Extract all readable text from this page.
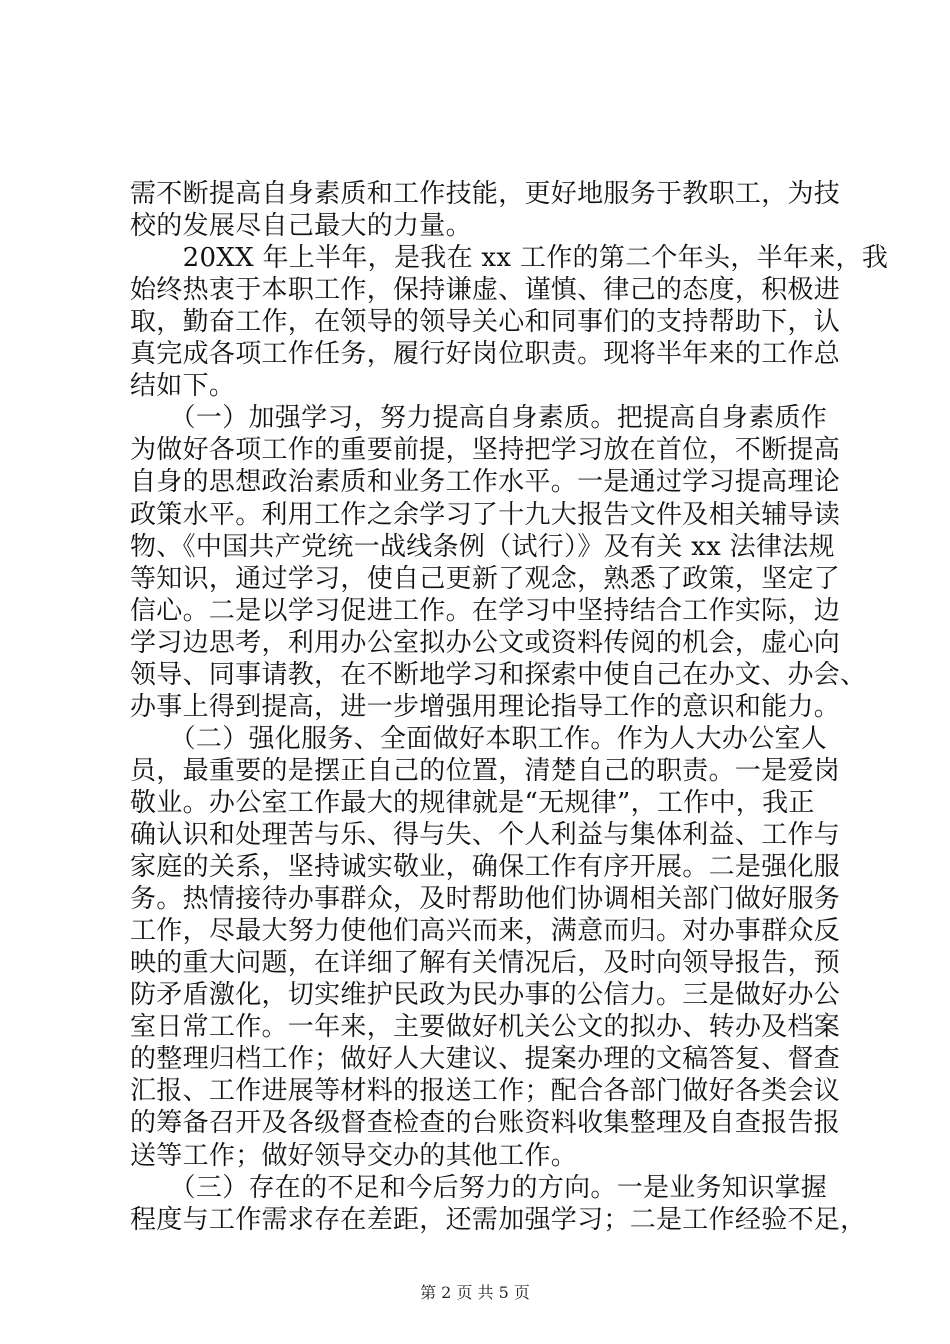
需不断提高自身素质和工作技能，更好地服务于教职工，为技
校的发展尽自己最大的力量。
　　20XX 年上半年，是我在 xx 工作的第二个年头，半年来，我
始终热衷于本职工作，保持谦虚、谨慎、律己的态度，积极进
取，勤奋工作，在领导的领导关心和同事们的支持帮助下，认
真完成各项工作任务，履行好岗位职责。现将半年来的工作总
结如下。
　　（一）加强学习，努力提高自身素质。把提高自身素质作
为做好各项工作的重要前提，坚持把学习放在首位，不断提高
自身的思想政治素质和业务工作水平。一是通过学习提高理论
政策水平。利用工作之余学习了十九大报告文件及相关辅导读
物、《中国共产党统一战线条例（试行）》及有关 xx 法律法规
等知识，通过学习，使自己更新了观念，熟悉了政策，坚定了
信心。二是以学习促进工作。在学习中坚持结合工作实际，边
学习边思考，利用办公室拟办公文或资料传阅的机会，虚心向
领导、同事请教，在不断地学习和探索中使自己在办文、办会、
办事上得到提高，进一步增强用理论指导工作的意识和能力。
　　（二）强化服务、全面做好本职工作。作为人大办公室人
员，最重要的是摆正自己的位置，清楚自己的职责。一是爱岗
敬业。办公室工作最大的规律就是“无规律”，工作中，我正
确认识和处理苦与乐、得与失、个人利益与集体利益、工作与
家庭的关系，坚持诚实敬业，确保工作有序开展。二是强化服
务。热情接待办事群众，及时帮助他们协调相关部门做好服务
工作，尽最大努力使他们高兴而来，满意而归。对办事群众反
映的重大问题，在详细了解有关情况后，及时向领导报告，预
防矛盾激化，切实维护民政为民办事的公信力。三是做好办公
室日常工作。一年来，主要做好机关公文的拟办、转办及档案
的整理归档工作；做好人大建议、提案办理的文稿答复、督查
汇报、工作进展等材料的报送工作；配合各部门做好各类会议
的筹备召开及各级督查检查的台账资料收集整理及自查报告报
送等工作；做好领导交办的其他工作。
　　（三）存在的不足和今后努力的方向。一是业务知识掌握
程度与工作需求存在差距，还需加强学习；二是工作经验不足，
第 2 页 共 5 页
